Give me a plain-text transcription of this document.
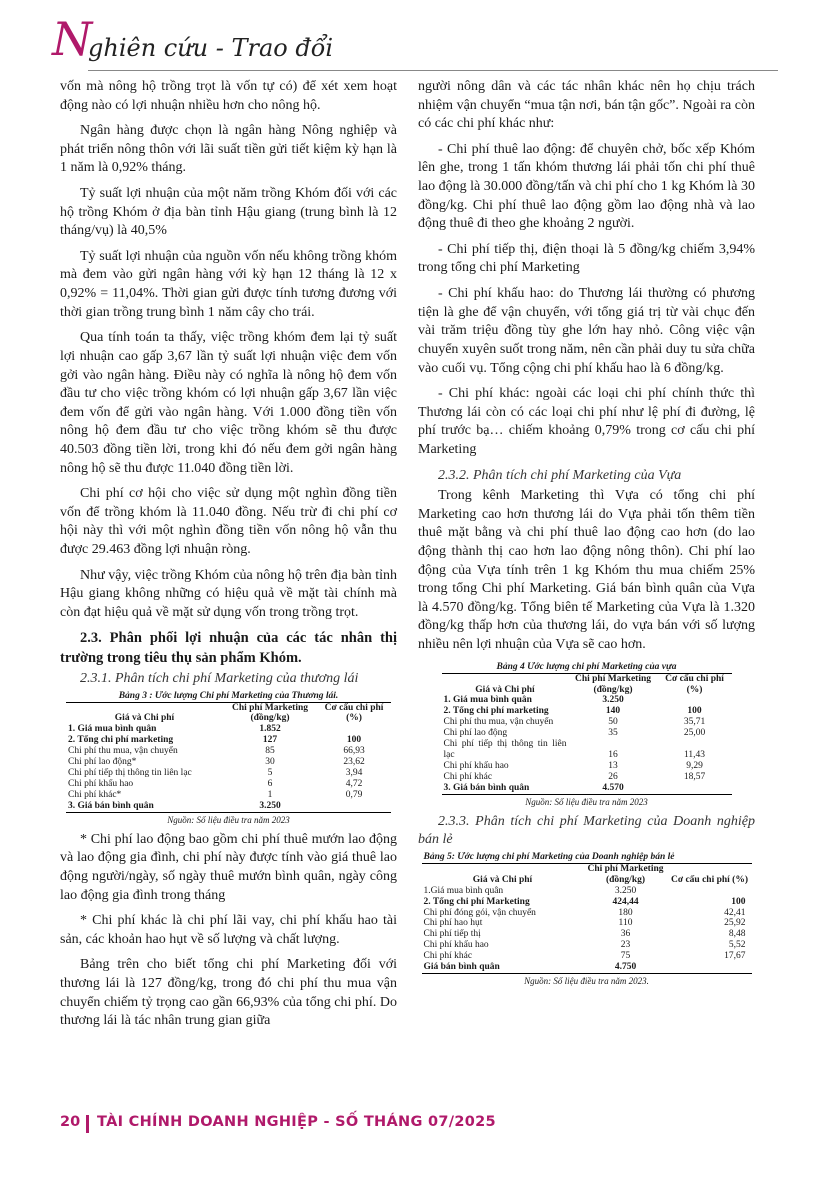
N
ghiên cứu - Trao đổi

vốn mà nông hộ trồng trọt là vốn tự có) để xét xem hoạt động nào có lợi nhuận nhiều hơn cho nông hộ.

Ngân hàng được chọn là ngân hàng Nông nghiệp và phát triển nông thôn với lãi suất tiền gửi tiết kiệm kỳ hạn là 1 năm là 0,92% tháng.

Tỷ suất lợi nhuận của một năm trồng Khóm đối với các hộ trồng Khóm ở địa bàn tỉnh Hậu giang (trung bình là 12 tháng/vụ) là 40,5%

Tỷ suất lợi nhuận của nguồn vốn nếu không trồng khóm mà đem vào gửi ngân hàng với kỳ hạn 12 tháng là 12 x 0,92% = 11,04%. Thời gian gửi được tính tương đương với thời gian trồng trung bình 1 năm cây cho trái.

Qua tính toán ta thấy, việc trồng khóm đem lại tỷ suất lợi nhuận cao gấp 3,67 lần tỷ suất lợi nhuận việc đem vốn gởi vào ngân hàng. Điều này có nghĩa là nông hộ đem vốn đầu tư cho việc trồng khóm có lợi nhuận gấp 3,67 lần việc đem vốn để gửi vào ngân hàng. Với 1.000 đồng tiền vốn nông hộ đem đầu tư cho việc trồng khóm sẽ thu được 40.503 đồng tiền lời, trong khi đó nếu đem gởi ngân hàng nông hộ sẽ thu được 11.040 đồng tiền lời.

Chi phí cơ hội cho việc sử dụng một nghìn đồng tiền vốn để trồng khóm là 11.040 đồng. Nếu trừ đi chi phí cơ hội này thì với một nghìn đồng tiền vốn nông hộ vẫn thu được 29.463 đồng lợi nhuận ròng.

Như vậy, việc trồng Khóm của nông hộ trên địa bàn tỉnh Hậu giang không những có hiệu quả về mặt tài chính mà còn đạt hiệu quả về mặt sử dụng vốn trong trồng trọt.

2.3. Phân phối lợi nhuận của các tác nhân thị trường trong tiêu thụ sản phẩm Khóm.
2.3.1. Phân tích chi phí Marketing của thương lái
Bảng 3 : Ước lượng Chi phí Marketing của Thương lái.		
Giá và Chi phí	Chi phí Marketing (đồng/kg)	Cơ cấu chi phí (%)
1. Giá mua bình quân	1.852	
2. Tổng chi phí marketing	127	100
Chi phí thu mua, vận chuyển	85	66,93
Chi phí lao động*	30	23,62
Chi phí tiếp thị thông tin liên lạc	5	3,94
Chi phí khấu hao	6	4,72
Chi phí khác*	1	0,79
3. Giá bán bình quân	3.250	
Nguồn: Số liệu điều tra năm 2023

* Chi phí lao động bao gồm chi phí thuê mướn lao động và lao động gia đình, chi phí này được tính vào giá thuê lao động người/ngày, số ngày thuê mướn bình quân, ngày công lao động gia đình trong tháng

* Chi phí khác là chi phí lãi vay, chi phí khấu hao tài sản, các khoản hao hụt về số lượng và chất lượng.

Bảng trên cho biết tổng chi phí Marketing đối với thương lái là 127 đồng/kg, trong đó chi phí thu mua vận chuyển chiếm tỷ trọng cao gần 66,93% của tổng chi phí. Do thương lái là tác nhân trung gian giữa

người nông dân và các tác nhân khác nên họ chịu trách nhiệm vận chuyển “mua tận nơi, bán tận gốc”. Ngoài ra còn có các chi phí khác như:

- Chi phí thuê lao động: để chuyên chở, bốc xếp Khóm lên ghe, trong 1 tấn khóm thương lái phải tốn chi phí thuê lao động là 30.000 đồng/tấn và chi phí cho 1 kg Khóm là 30 đồng/kg. Chi phí thuê lao động gồm lao động nhà và lao động thuê đi theo ghe khoảng 2 người.

- Chi phí tiếp thị, điện thoại là 5 đồng/kg chiếm 3,94% trong tổng chi phí Marketing

- Chi phí khấu hao: do Thương lái thường có phương tiện là ghe để vận chuyển, với tổng giá trị từ vài chục đến vài trăm triệu đồng tùy ghe lớn hay nhỏ. Công việc vận chuyển xuyên suốt trong năm, nên cần phải duy tu sửa chữa vào cuối vụ. Tổng cộng chi phí khấu hao là 6 đồng/kg.

- Chi phí khác: ngoài các loại chi phí chính thức thì Thương lái còn có các loại chi phí như lệ phí đi đường, lệ phí trước bạ… chiếm khoảng 0,79% trong cơ cấu chi phí Marketing

2.3.2. Phân tích chi phí Marketing của Vựa

Trong kênh Marketing thì Vựa có tổng chi phí Marketing cao hơn thương lái do Vựa phải tốn thêm tiền thuê mặt bằng và chi phí thuê lao động cao hơn (do lao động thành thị cao hơn lao động nông thôn). Chi phí lao động của Vựa tính trên 1 kg Khóm thu mua chiếm 25% trong tổng Chi phí Marketing. Giá bán bình quân của Vựa là 4.570 đồng/kg. Tổng biên tế Marketing của Vựa là 1.320 đồng/kg thấp hơn của thương lái, do vựa bán với số lượng nhiều nên lợi nhuận của Vựa sẽ cao hơn.

Bảng 4 Ước lượng chi phí Marketing của vựa		
Giá và Chi phí	Chi phí Marketing (đồng/kg)	Cơ cấu chi phí (%)
1. Giá mua bình quân	3.250	
2. Tổng chi phí marketing	140	100
Chi phí thu mua, vận chuyển	50	35,71
Chi phí lao động	35	25,00
Chi phí tiếp thị thông tin liên lạc	16	11,43
Chi phí khấu hao	13	9,29
Chi phí khác	26	18,57
3. Giá bán bình quân	4.570	
Nguồn: Số liệu điều tra năm 2023
2.3.3. Phân tích chi phí Marketing của Doanh nghiệp bán lẻ
Bảng 5: Ước lượng chi phí Marketing của Doanh nghiệp bán lẻ		
Giá và Chi phí	Chi phí Marketing (đồng/kg)	Cơ cấu chi phí (%)
1.Giá mua bình quân	3.250	
2. Tổng chi phí Marketing	424,44	100
Chi phí đóng gói, vận chuyển	180	42,41
Chi phí hao hụt	110	25,92
Chi phí tiếp thị	36	8,48
Chi phí khấu hao	23	5,52
Chi phí khác	75	17,67
Giá bán bình quân	4.750	
Nguồn: Số liệu điều tra năm 2023.
20 TÀI CHÍNH DOANH NGHIỆP - SỐ THÁNG 07/2025
